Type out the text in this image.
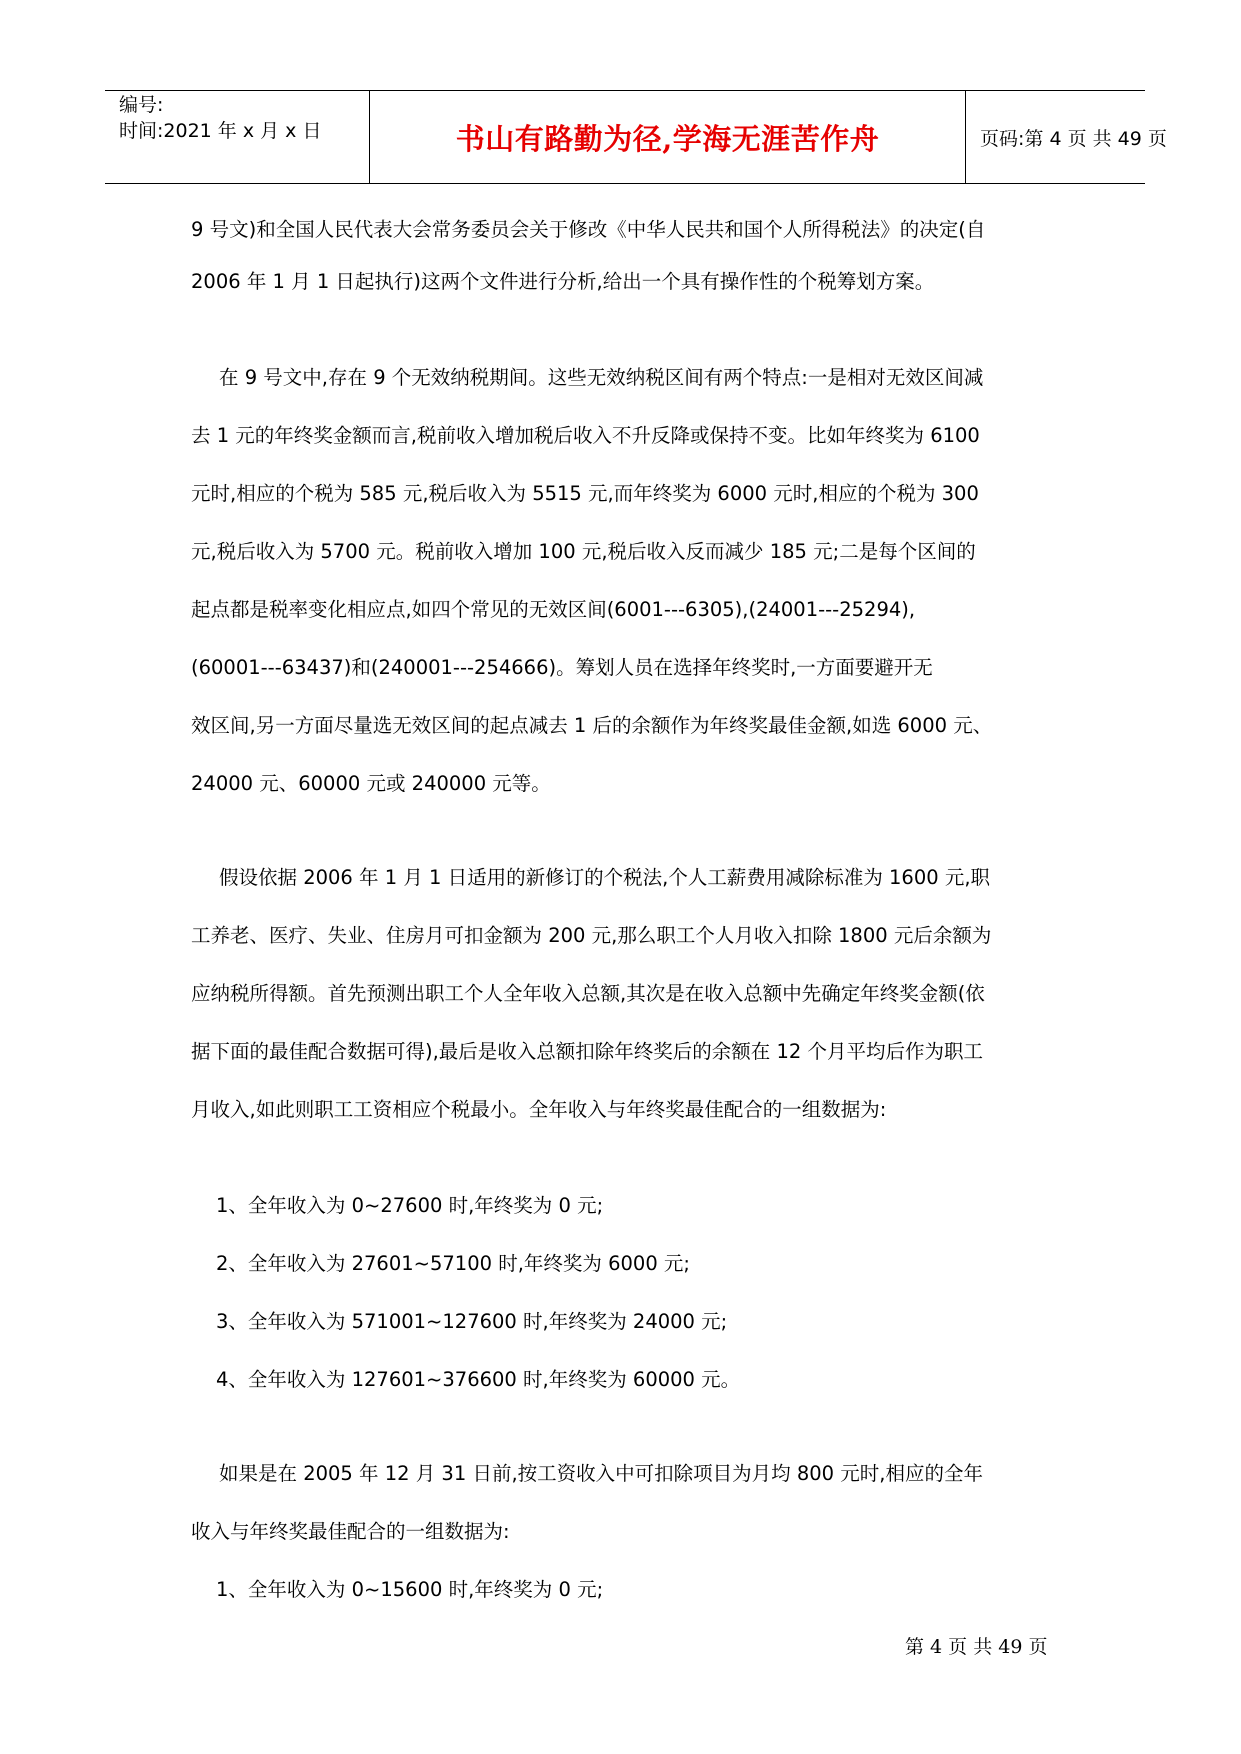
编号:
时间:2021 年 x 月 x 日	书山有路勤为径,学海无涯苦作舟	页码:第 4 页 共 49 页
9 号文)和全国人民代表大会常务委员会关于修改《中华人民共和国个人所得税法》的决定(自
2006 年 1 月 1 日起执行)这两个文件进行分析,给出一个具有操作性的个税筹划方案。
在 9 号文中,存在 9 个无效纳税期间。这些无效纳税区间有两个特点:一是相对无效区间减
去 1 元的年终奖金额而言,税前收入增加税后收入不升反降或保持不变。比如年终奖为 6100
元时,相应的个税为 585 元,税后收入为 5515 元,而年终奖为 6000 元时,相应的个税为 300
元,税后收入为 5700 元。税前收入增加 100 元,税后收入反而减少 185 元;二是每个区间的
起点都是税率变化相应点,如四个常见的无效区间(6001---6305),(24001---25294),
(60001---63437)和(240001---254666)。筹划人员在选择年终奖时,一方面要避开无
效区间,另一方面尽量选无效区间的起点减去 1 后的余额作为年终奖最佳金额,如选 6000 元、
24000 元、60000 元或 240000 元等。
假设依据 2006 年 1 月 1 日适用的新修订的个税法,个人工薪费用减除标准为 1600 元,职
工养老、医疗、失业、住房月可扣金额为 200 元,那么职工个人月收入扣除 1800 元后余额为
应纳税所得额。首先预测出职工个人全年收入总额,其次是在收入总额中先确定年终奖金额(依
据下面的最佳配合数据可得),最后是收入总额扣除年终奖后的余额在 12 个月平均后作为职工
月收入,如此则职工工资相应个税最小。全年收入与年终奖最佳配合的一组数据为:
1、全年收入为 0~27600 时,年终奖为 0 元;
2、全年收入为 27601~57100 时,年终奖为 6000 元;
3、全年收入为 571001~127600 时,年终奖为 24000 元;
4、全年收入为 127601~376600 时,年终奖为 60000 元。
如果是在 2005 年 12 月 31 日前,按工资收入中可扣除项目为月均 800 元时,相应的全年
收入与年终奖最佳配合的一组数据为:
1、全年收入为 0~15600 时,年终奖为 0 元;
第 4 页 共 49 页
